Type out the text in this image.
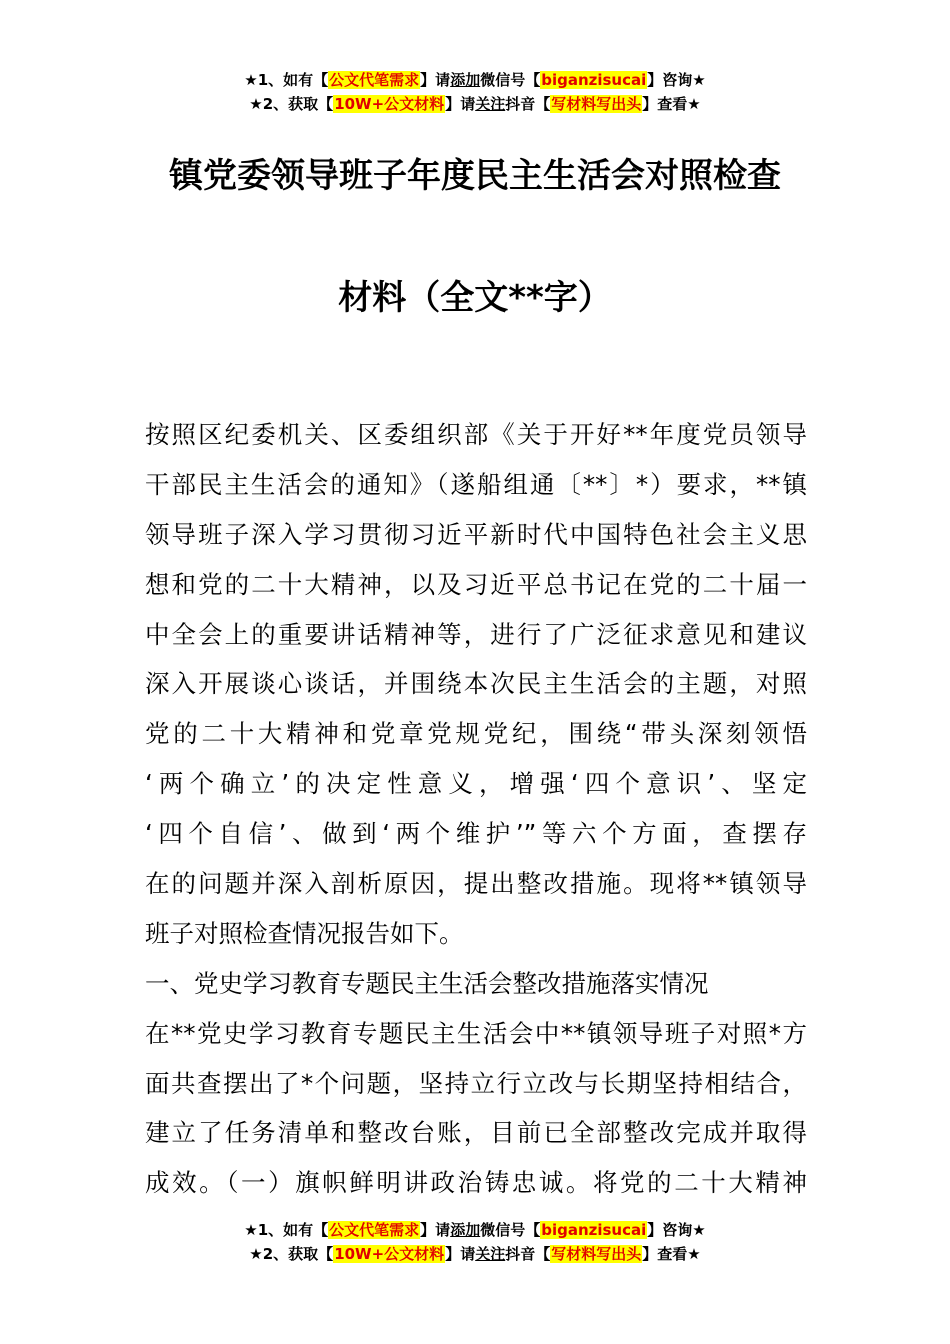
★1、如有【公文代笔需求】请添加微信号【biganzisucai】咨询★
★2、获取【10W+公文材料】请关注抖音【写材料写出头】查看★
镇党委领导班子年度民主生活会对照检查
材料（全文**字）
按照区纪委机关、区委组织部《关于开好**年度党员领导
干部民主生活会的通知》（遂船组通〔**〕*）要求，**镇
领导班子深入学习贯彻习近平新时代中国特色社会主义思
想和党的二十大精神，以及习近平总书记在党的二十届一
中全会上的重要讲话精神等，进行了广泛征求意见和建议
深入开展谈心谈话，并围绕本次民主生活会的主题，对照
党的二十大精神和党章党规党纪，围绕“带头深刻领悟
‘两个确立’的决定性意义，增强‘四个意识’、坚定
‘四个自信’、做到‘两个维护’”等六个方面，查摆存
在的问题并深入剖析原因，提出整改措施。现将**镇领导
班子对照检查情况报告如下。
一、党史学习教育专题民主生活会整改措施落实情况
在**党史学习教育专题民主生活会中**镇领导班子对照*方
面共查摆出了*个问题，坚持立行立改与长期坚持相结合，
建立了任务清单和整改台账，目前已全部整改完成并取得
成效。（一）旗帜鲜明讲政治铸忠诚。将党的二十大精神
★1、如有【公文代笔需求】请添加微信号【biganzisucai】咨询★
★2、获取【10W+公文材料】请关注抖音【写材料写出头】查看★
